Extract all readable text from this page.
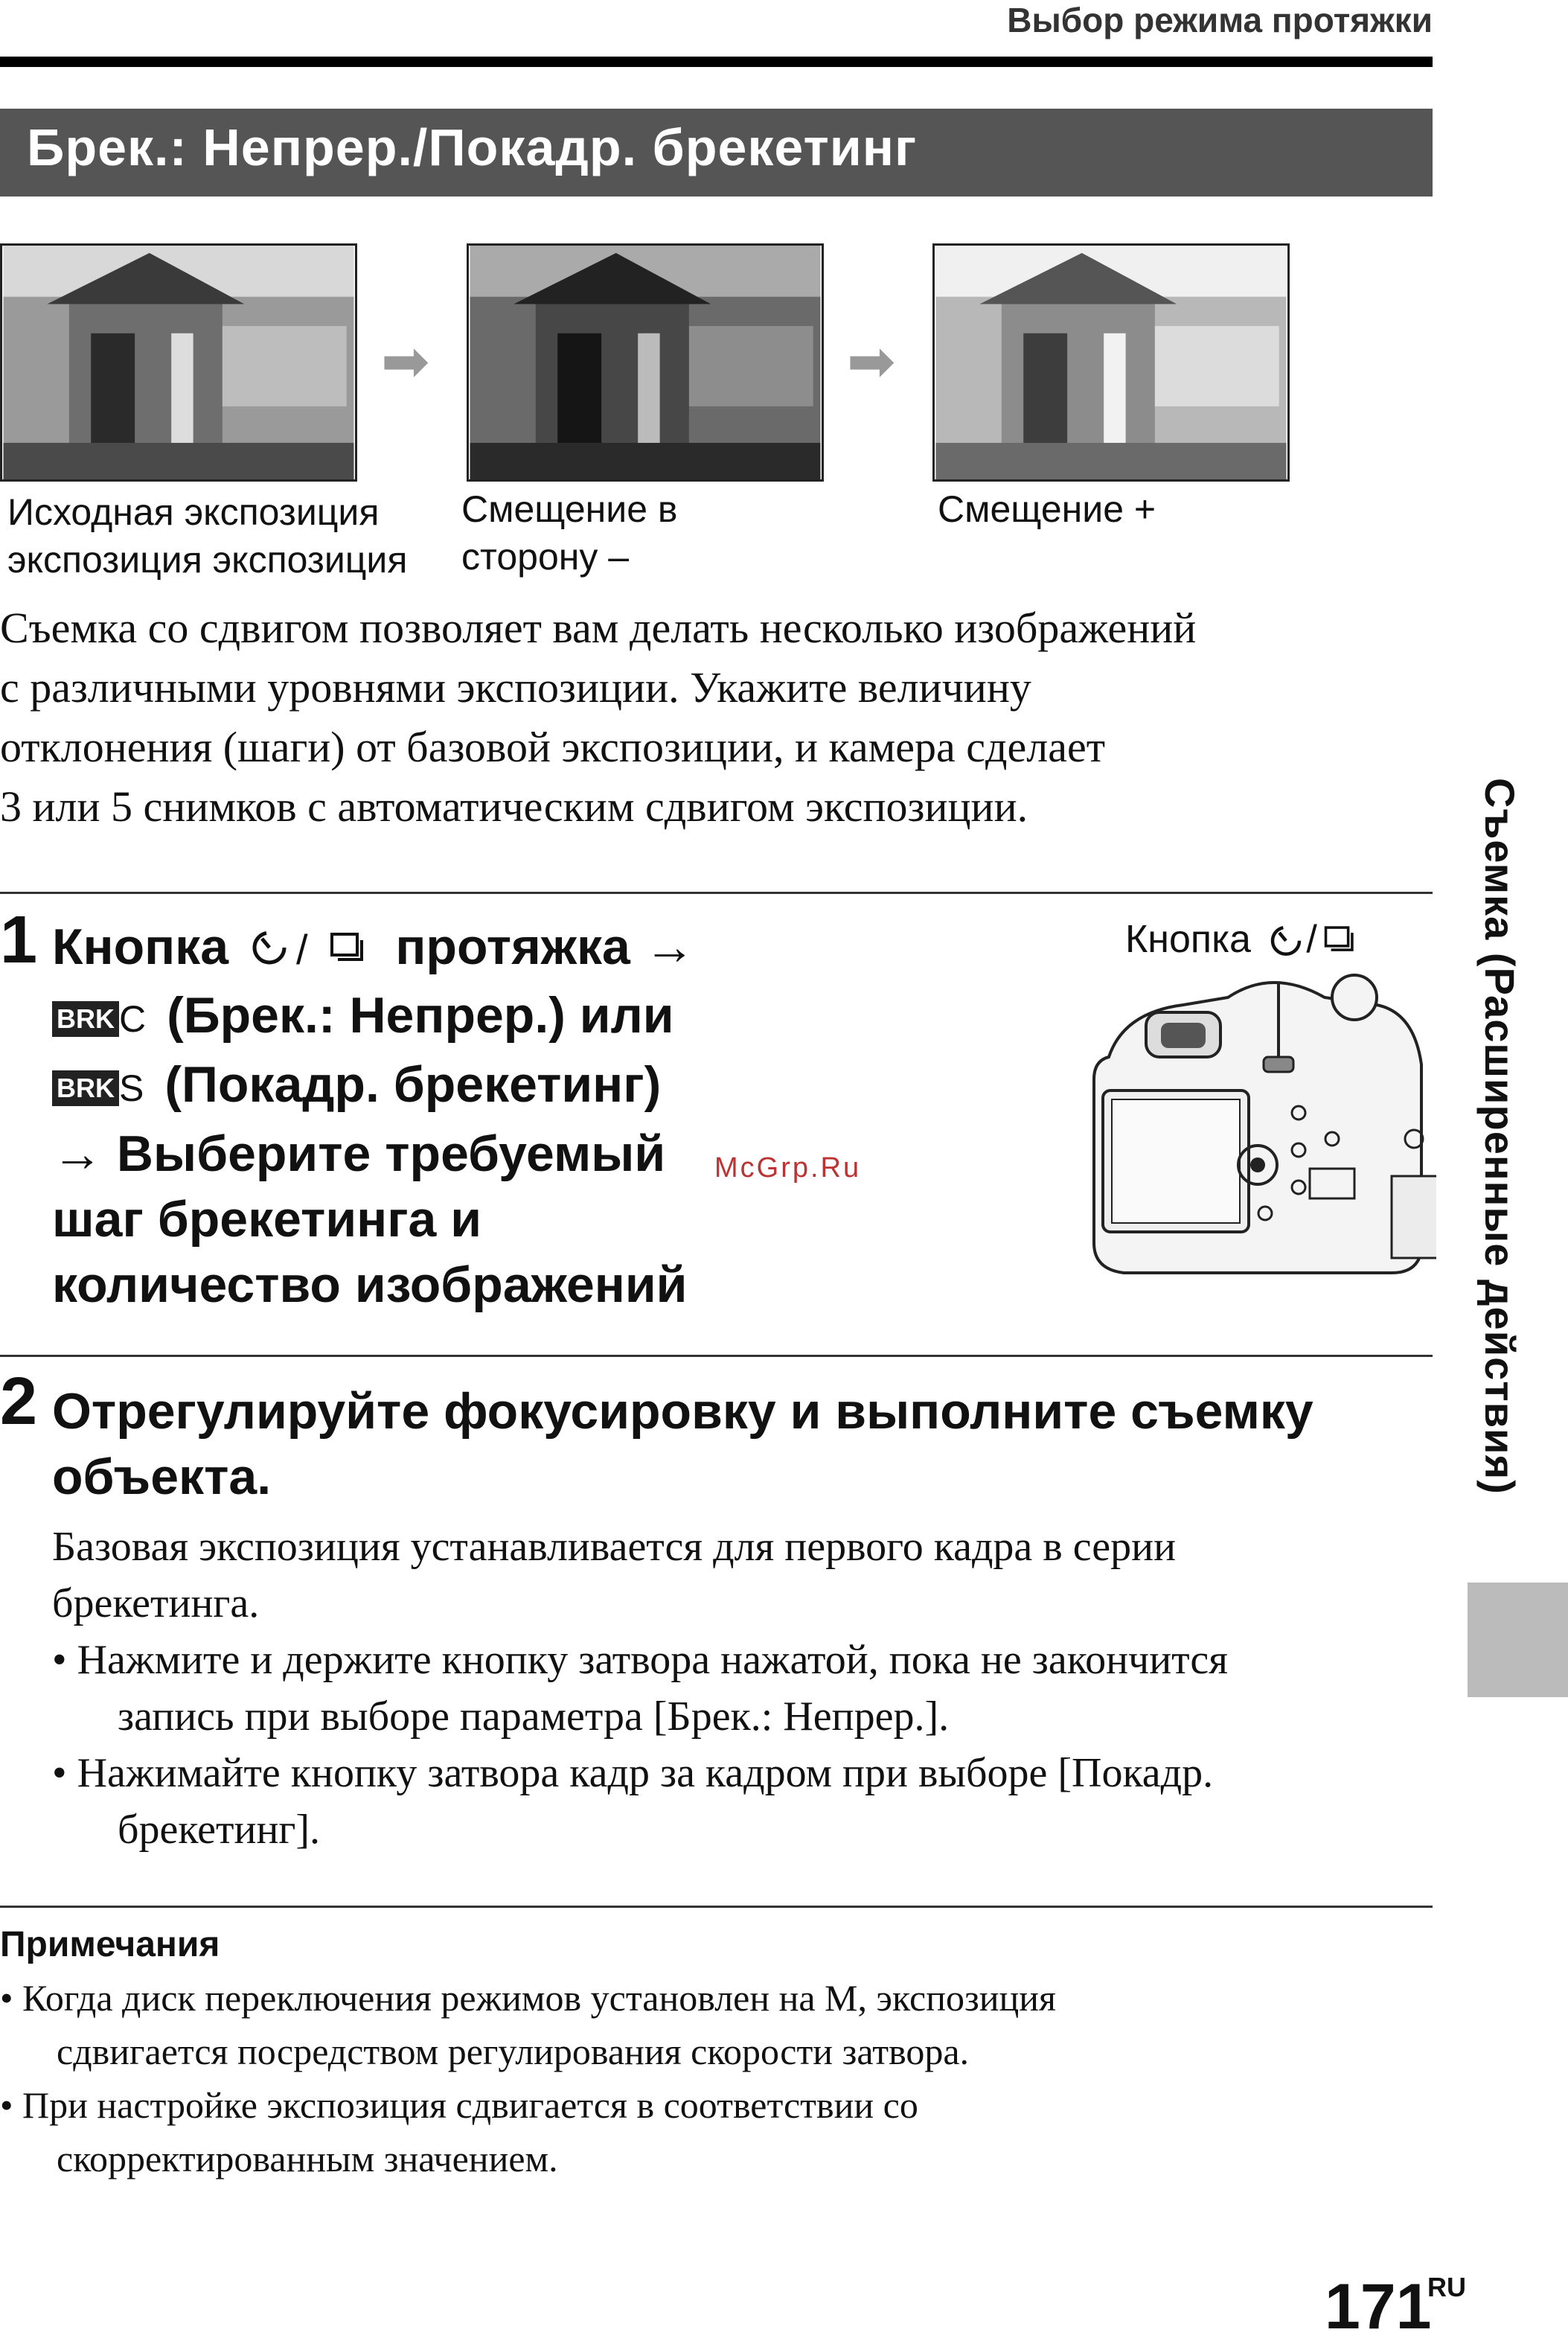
Выбор режима протяжки
Брек.: Непрер./Покадр. брекетинг
➡	➡
Исходная экспозиция
экспозиция экспозиция
Смещение в
сторону –
Смещение +
Съемка со сдвигом позволяет вам делать несколько изображений
с различными уровнями экспозиции. Укажите величину
отклонения (шаги) от базовой экспозиции, и камера сделает
3 или 5 снимков с автоматическим сдвигом экспозиции.
1 Кнопка / протяжка →
BRK C (Брек.: Непрер.) или
BRK S (Покадр. брекетинг)
→ Выберите требуемый
шаг брекетинга и
количество изображений
Кнопка /
McGrp.Ru
2 Отрегулируйте фокусировку и выполните съемку
объекта.
Базовая экспозиция устанавливается для первого кадра в серии
брекетинга.
• Нажмите и держите кнопку затвора нажатой, пока не закончится
запись при выборе параметра [Брек.: Непрер.].
• Нажимайте кнопку затвора кадр за кадром при выборе [Покадр.
брекетинг].
Примечания
• Когда диск переключения режимов установлен на M, экспозиция
сдвигается посредством регулирования скорости затвора.
• При настройке экспозиция сдвигается в соответствии со
скорректированным значением.
Съемка (Расширенные действия)
171
RU
